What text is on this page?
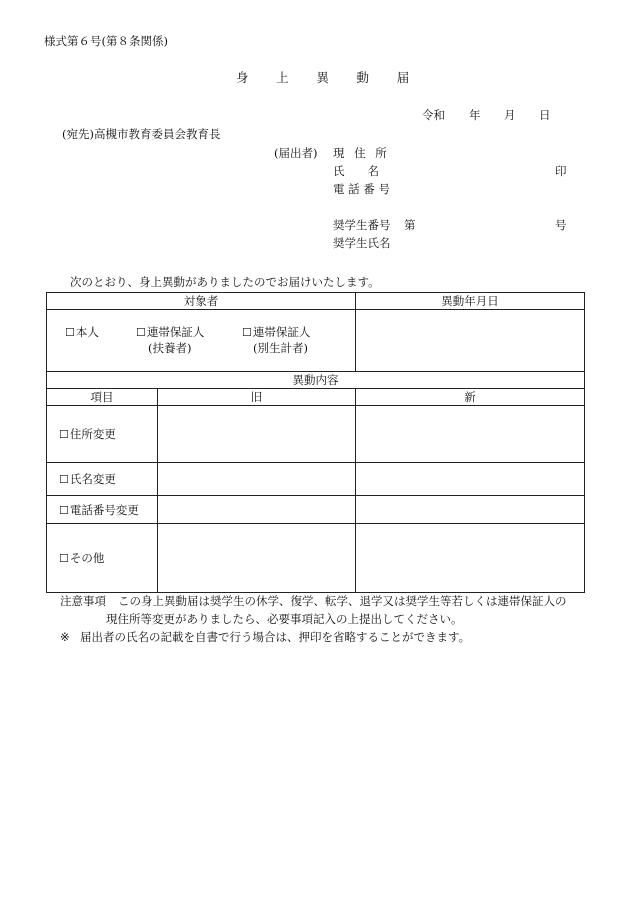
様式第６号(第８条関係)
身 上 異 動 届
令和 年 月 日
(宛先)高槻市教育委員会教育長
(届出者) 現 住 所
氏　　名	印
電 話 番 号
奨学生番号 第	号
奨学生氏名
次のとおり、身上異動がありましたのでお届けいたします。
対象者		異動年月日

☐本人 ☐連帯保証人
(扶養者)
☐連帯保証人
(別生計者)		

異動内容		
項目	旧	新
☐住所変更		
☐氏名変更		
☐電話番号変更		
☐その他		
注意事項 この身上異動届は奨学生の休学、復学、転学、退学又は奨学生等若しくは連帯保証人の
現住所等変更がありましたら、必要事項記入の上提出してください。
※ 届出者の氏名の記載を自書で行う場合は、押印を省略することができます。
